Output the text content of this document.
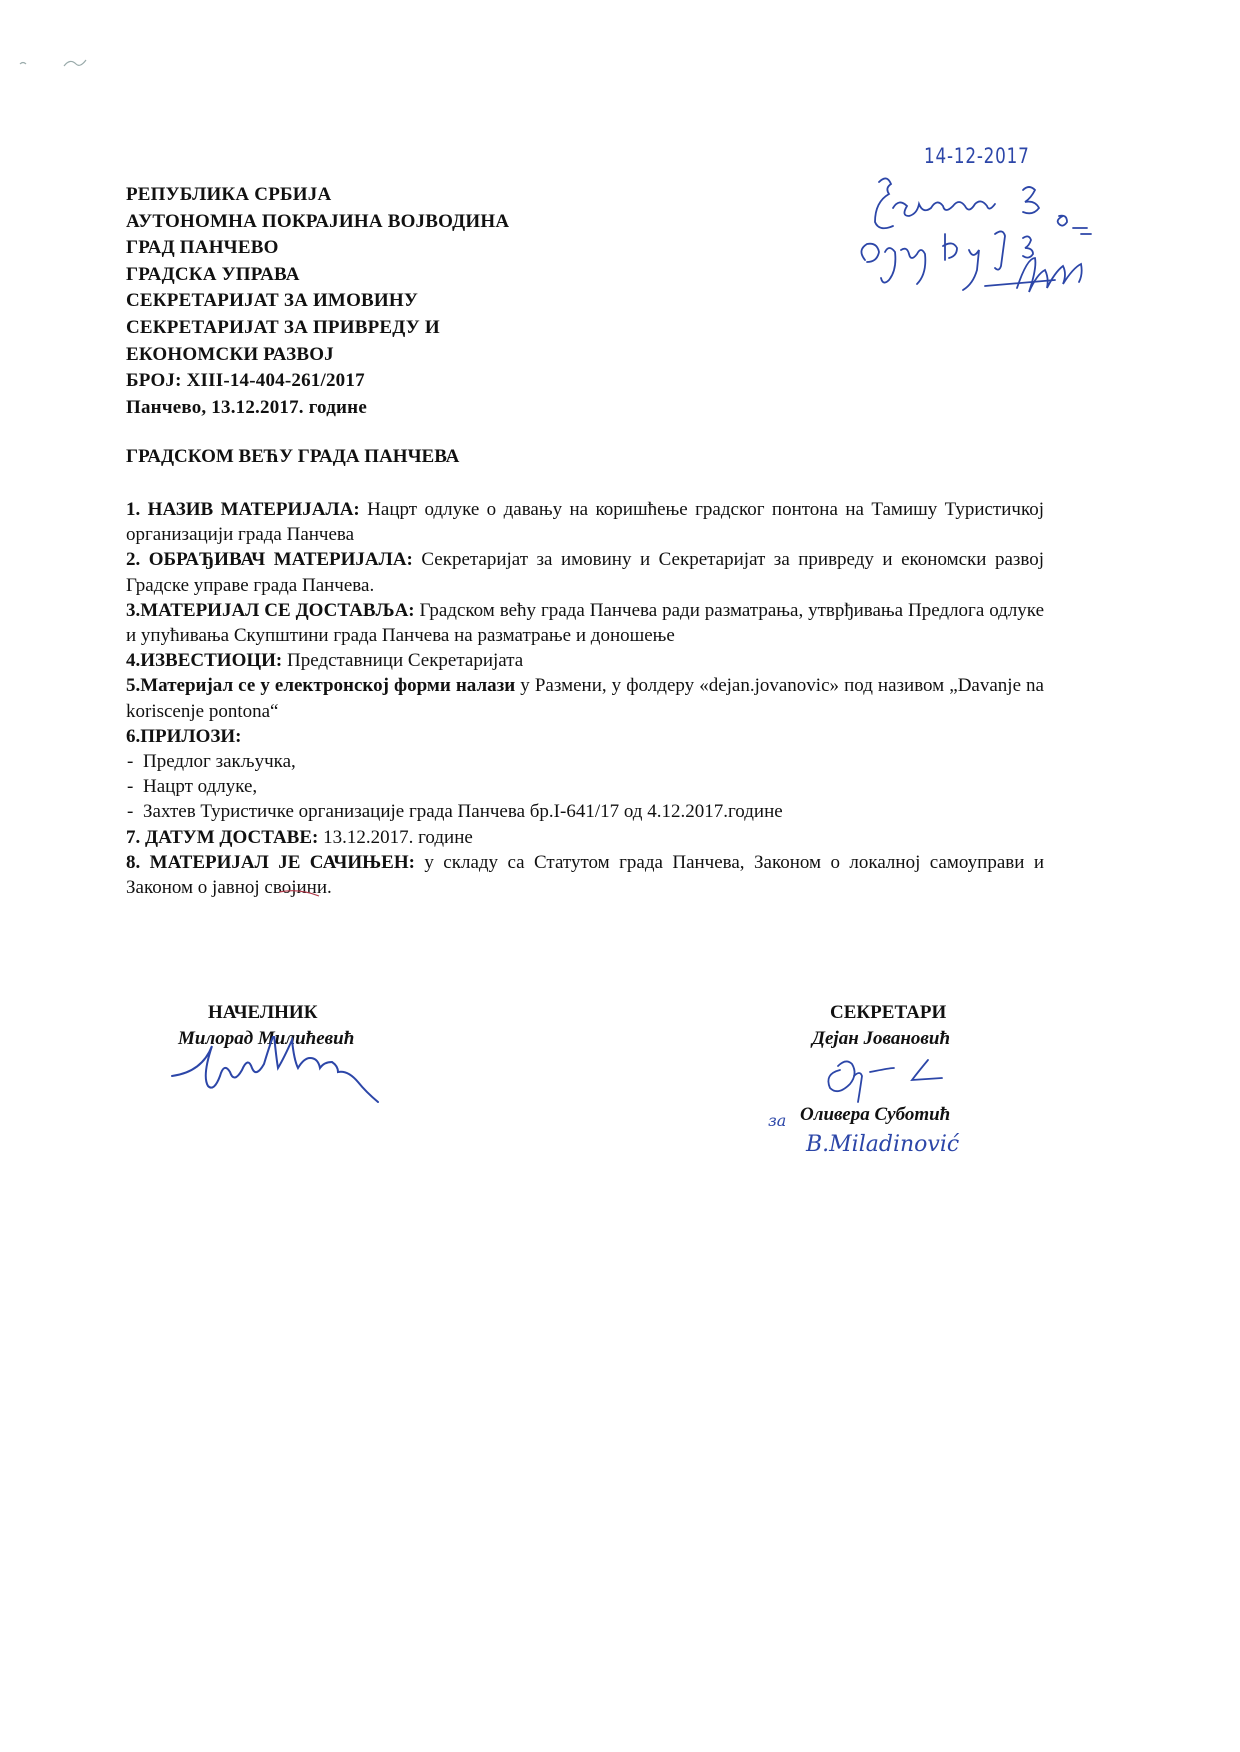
РЕПУБЛИКА СРБИЈА
АУТОНОМНА ПОКРАЈИНА ВОЈВОДИНА
ГРАД ПАНЧЕВО
ГРАДСКА УПРАВА
СЕКРЕТАРИЈАТ ЗА ИМОВИНУ
СЕКРЕТАРИЈАТ ЗА ПРИВРЕДУ И
ЕКОНОМСКИ РАЗВОЈ
БРОЈ: XIII-14-404-261/2017
Панчево, 13.12.2017. године
14-12-2017
ГРАДСКОМ ВЕЋУ ГРАДА ПАНЧЕВА
1. НАЗИВ МАТЕРИЈАЛА: Нацрт одлуке о давању на коришћење градског понтона на Тамишу Туристичкој организацији града Панчева
2. ОБРАЂИВАЧ МАТЕРИЈАЛА: Секретаријат за имовину и Секретаријат за привреду и економски развој Градске управе града Панчева.
3.МАТЕРИЈАЛ СЕ ДОСТАВЉА: Градском већу града Панчева ради разматрања, утврђивања Предлога одлуке и упућивања Скупштини града Панчева на разматрање и доношење
4.ИЗВЕСТИОЦИ: Представници Секретаријата
5.Материјал се у електронској форми налази у Размени, у фолдеру «dejan.jovanovic» под називом „Davanje na koriscenje pontona“
6.ПРИЛОЗИ:
- Предлог закључка,
- Нацрт одлуке,
- Захтев Туристичке организације града Панчева бр.I-641/17 од 4.12.2017.године
7. ДАТУМ ДОСТАВЕ: 13.12.2017. године
8. МАТЕРИЈАЛ ЈЕ САЧИЊЕН: у складу са Статутом града Панчева, Законом о локалној самоуправи и Законом о јавној својини.
НАЧЕЛНИК
Милорад Милићевић
СЕКРЕТАРИ
Дејан Јовановић
за Оливера Суботић
B.Miladinović
